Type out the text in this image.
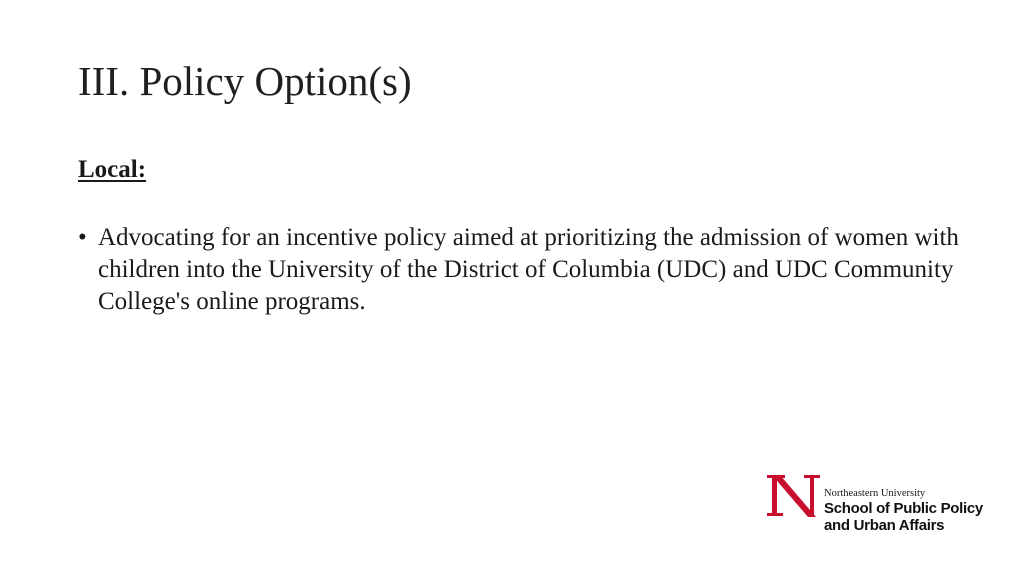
III. Policy Option(s)
Local:
• Advocating for an incentive policy aimed at prioritizing the admission of women with children into the University of the District of Columbia (UDC) and UDC Community College's online programs.
Northeastern University
School of Public Policy
and Urban Affairs
